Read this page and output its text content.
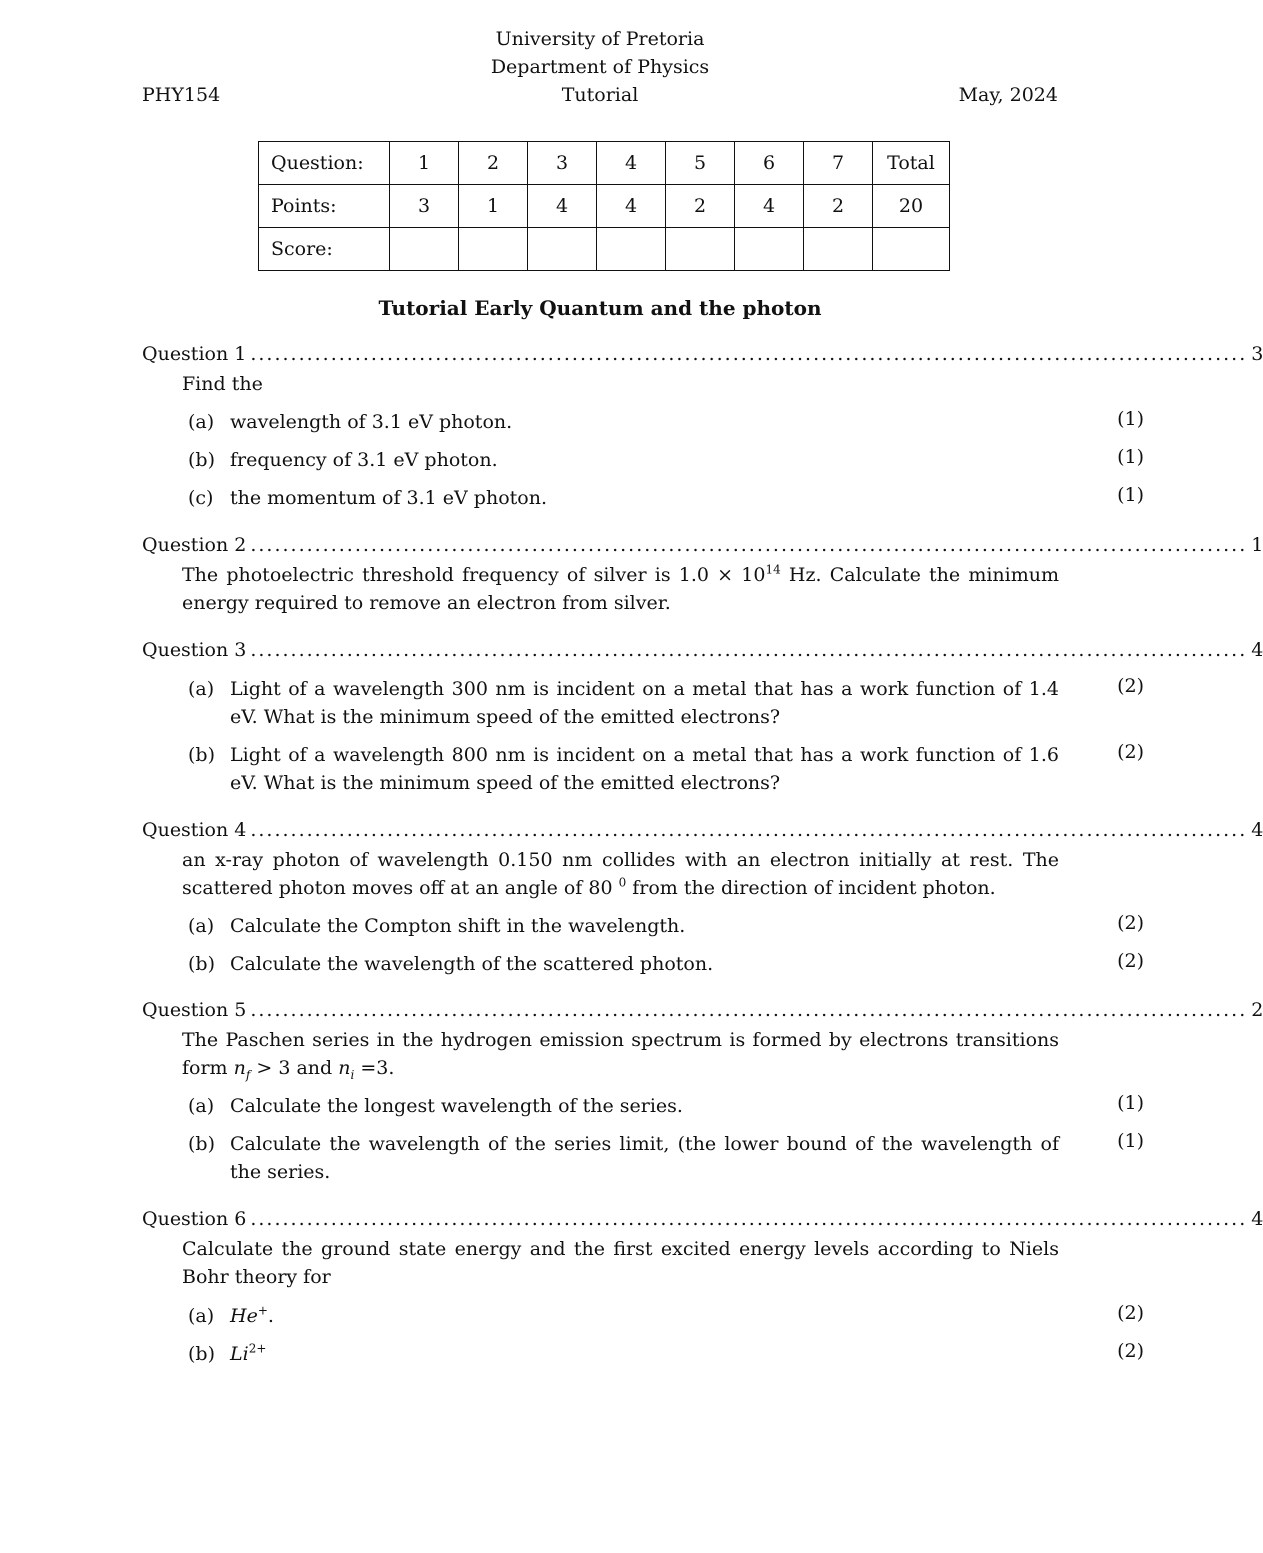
University of Pretoria
Department of Physics
Tutorial
PHY154	May, 2024
Question:	1	2	3	4	5	6	7	Total
Points:	3	1	4	4	2	4	2	20
Score:								
Tutorial Early Quantum and the photon
Question 1 ............................................................................................................................ 3
Find the
(a) wavelength of 3.1 eV photon.	(1)
(b) frequency of 3.1 eV photon.	(1)
(c) the momentum of 3.1 eV photon.	(1)
Question 2 ............................................................................................................................ 1
The photoelectric threshold frequency of silver is $1.0 \times 10^{14}$ Hz. Calculate the minimum energy required to remove an electron from silver.
Question 3 ............................................................................................................................ 4
(a) Light of a wavelength 300 nm is incident on a metal that has a work function of 1.4 eV. What is the minimum speed of the emitted electrons?
(2)
(b) Light of a wavelength 800 nm is incident on a metal that has a work function of 1.6 eV. What is the minimum speed of the emitted electrons?
(2)
Question 4 ............................................................................................................................ 4
an x-ray photon of wavelength 0.150 nm collides with an electron initially at rest. The scattered photon moves off at an angle of 80 $^0$ from the direction of incident photon.
(a) Calculate the Compton shift in the wavelength.	(2)
(b) Calculate the wavelength of the scattered photon.	(2)
Question 5 ............................................................................................................................ 2
The Paschen series in the hydrogen emission spectrum is formed by electrons transitions form $n_f > 3$ and $n_i =3$.
(a) Calculate the longest wavelength of the series.	(1)
(b) Calculate the wavelength of the series limit, (the lower bound of the wavelength of the series.
(1)
Question 6 ............................................................................................................................ 4
Calculate the ground state energy and the first excited energy levels according to Niels Bohr theory for
(a) He+.	(2)
(b) $Li^{2+}$	(2)
